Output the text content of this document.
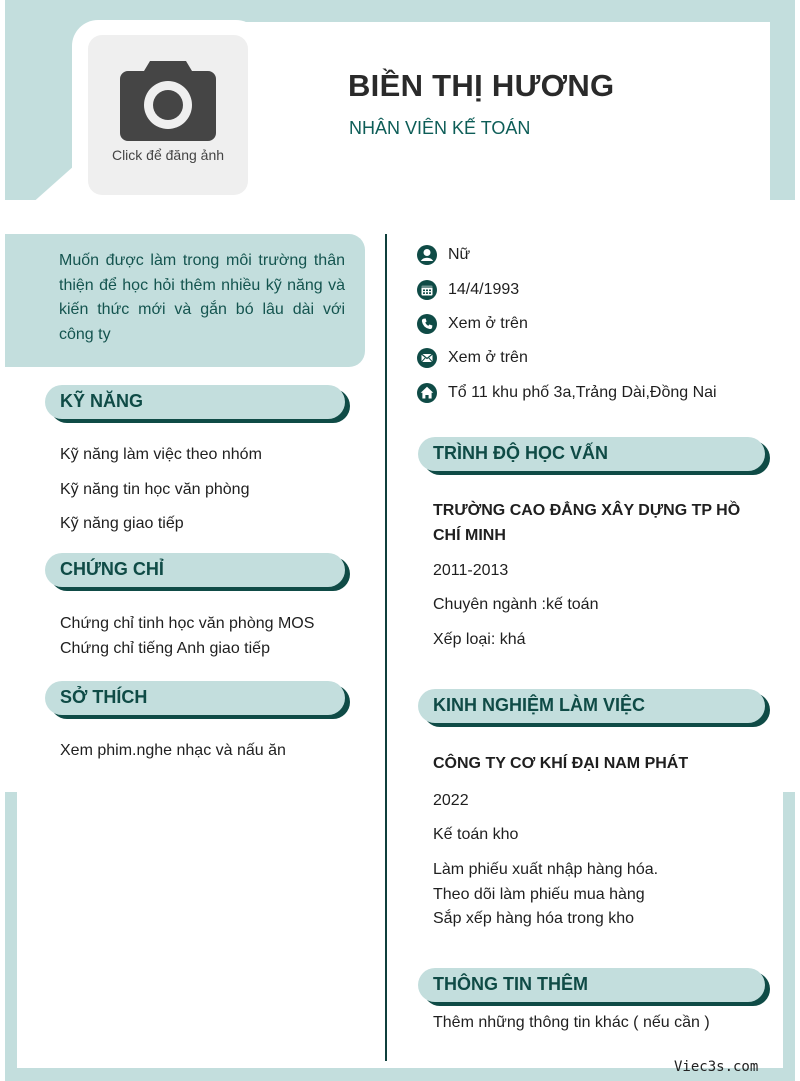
Click để đăng ảnh
BIỀN THỊ HƯƠNG
NHÂN VIÊN KẾ TOÁN
Muốn được làm trong môi trường thân thiện để học hỏi thêm nhiều kỹ năng và kiến thức mới và gắn bó lâu dài với công ty
KỸ NĂNG
Kỹ năng làm việc theo nhóm
Kỹ năng tin học văn phòng
Kỹ năng giao tiếp
CHỨNG CHỈ
Chứng chỉ tinh học văn phòng MOS
Chứng chỉ tiếng Anh giao tiếp
SỞ THÍCH
Xem phim.nghe nhạc và nấu ăn
Nữ
14/4/1993
Xem ở trên
Xem ở trên
Tổ 11 khu phố 3a,Trảng Dài,Đồng Nai
TRÌNH ĐỘ HỌC VẤN
TRƯỜNG CAO ĐẲNG XÂY DỰNG TP HỒ
CHÍ MINH
2011-2013
Chuyên ngành :kế toán
Xếp loại: khá
KINH NGHIỆM LÀM VIỆC
CÔNG TY CƠ KHÍ ĐẠI NAM PHÁT
2022
Kế toán kho
Làm phiếu xuất nhập hàng hóa.
Theo dõi làm phiếu mua hàng
Sắp xếp hàng hóa trong kho
THÔNG TIN THÊM
Thêm những thông tin khác ( nếu cần )
Viec3s.com
